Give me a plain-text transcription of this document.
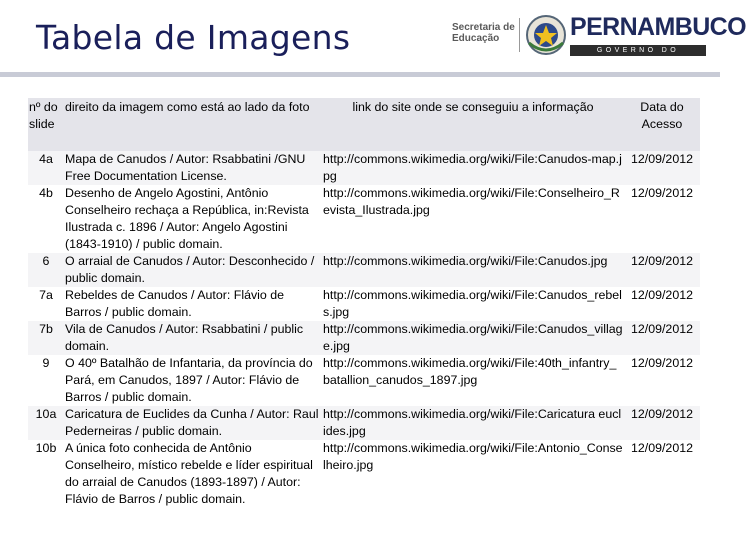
Tabela de Imagens	Secretaria de
Educação	PERNAMBUCO
GOVERNO DO ESTADO
nº do slide	direito da imagem como está ao lado da foto	link do site onde se conseguiu a informação	Data do Acesso

4a	Mapa de Canudos / Autor: Rsabbatini /GNU Free Documentation License.	http://commons.wikimedia.org/wiki/File:Canudos-map.jpg	12/09/2012
4b	Desenho de Angelo Agostini, Antônio Conselheiro rechaça a República, in:Revista Ilustrada c. 1896 / Autor: Angelo Agostini (1843-1910) / public domain.	http://commons.wikimedia.org/wiki/File:Conselheiro_Revista_Ilustrada.jpg	12/09/2012
6	O arraial de Canudos / Autor: Desconhecido / public domain.	http://commons.wikimedia.org/wiki/File:Canudos.jpg	12/09/2012
7a	Rebeldes de Canudos / Autor: Flávio de Barros / public domain.	http://commons.wikimedia.org/wiki/File:Canudos_rebels.jpg	12/09/2012
7b	Vila de Canudos / Autor: Rsabbatini / public domain.	http://commons.wikimedia.org/wiki/File:Canudos_village.jpg	12/09/2012
9	O 40º Batalhão de Infantaria, da província do Pará, em Canudos, 1897 / Autor: Flávio de Barros / public domain.	http://commons.wikimedia.org/wiki/File:40th_infantry_batallion_canudos_1897.jpg	12/09/2012
10a	Caricatura de Euclides da Cunha / Autor: Raul Pederneiras / public domain.	http://commons.wikimedia.org/wiki/File:Caricatura euclides.jpg	12/09/2012
10b	A única foto conhecida de Antônio Conselheiro, místico rebelde e líder espiritual do arraial de Canudos (1893-1897) / Autor: Flávio de Barros / public domain.	http://commons.wikimedia.org/wiki/File:Antonio_Conselheiro.jpg	12/09/2012
